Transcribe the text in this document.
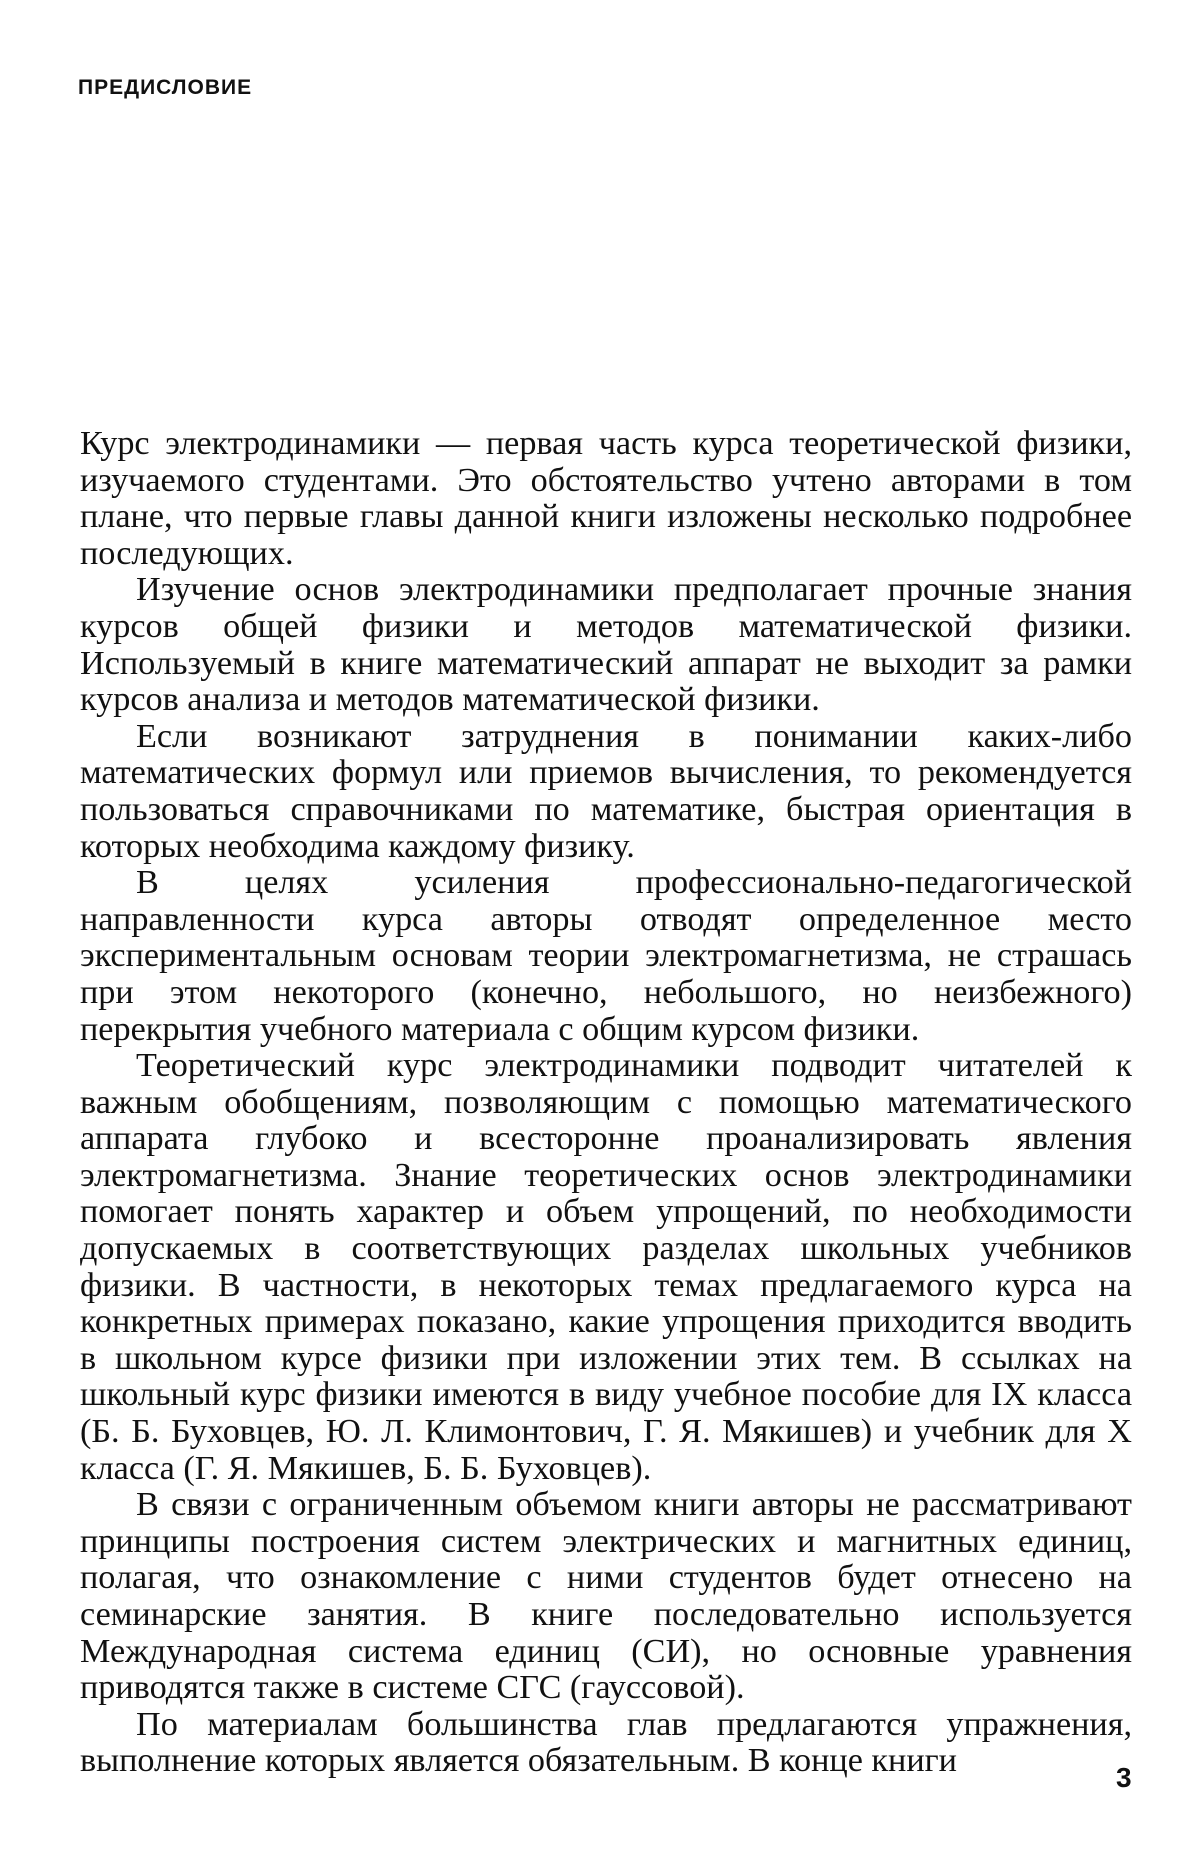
ПРЕДИСЛОВИЕ

Курс электродинамики — первая часть курса теоретической физики, изучаемого студентами. Это обстоятельство учтено авторами в том плане, что первые главы данной книги изложены несколько подробнее последующих.

Изучение основ электродинамики предполагает прочные знания курсов общей физики и методов математической физики. Используемый в книге математический аппарат не выходит за рамки курсов анализа и методов математической физики.

Если возникают затруднения в понимании каких-либо математических формул или приемов вычисления, то рекомендуется пользоваться справочниками по математике, быстрая ориентация в которых необходима каждому физику.

В целях усиления профессионально-педагогической направленности курса авторы отводят определенное место экспериментальным основам теории электромагнетизма, не страшась при этом некоторого (конечно, небольшого, но неизбежного) перекрытия учебного материала с общим курсом физики.

Теоретический курс электродинамики подводит читателей к важным обобщениям, позволяющим с помощью математического аппарата глубоко и всесторонне проанализировать явления электромагнетизма. Знание теоретических основ электродинамики помогает понять характер и объем упрощений, по необходимости допускаемых в соответствующих разделах школьных учебников физики. В частности, в некоторых темах предлагаемого курса на конкретных примерах показано, какие упрощения приходится вводить в школьном курсе физики при изложении этих тем. В ссылках на школьный курс физики имеются в виду учебное пособие для IX класса (Б. Б. Буховцев, Ю. Л. Климонтович, Г. Я. Мякишев) и учебник для X класса (Г. Я. Мякишев, Б. Б. Буховцев).

В связи с ограниченным объемом книги авторы не рассматривают принципы построения систем электрических и магнитных единиц, полагая, что ознакомление с ними студентов будет отнесено на семинарские занятия. В книге последовательно используется Международная система единиц (СИ), но основные уравнения приводятся также в системе СГС (гауссовой).

По материалам большинства глав предлагаются упражнения, выполнение которых является обязательным. В конце книги	3
